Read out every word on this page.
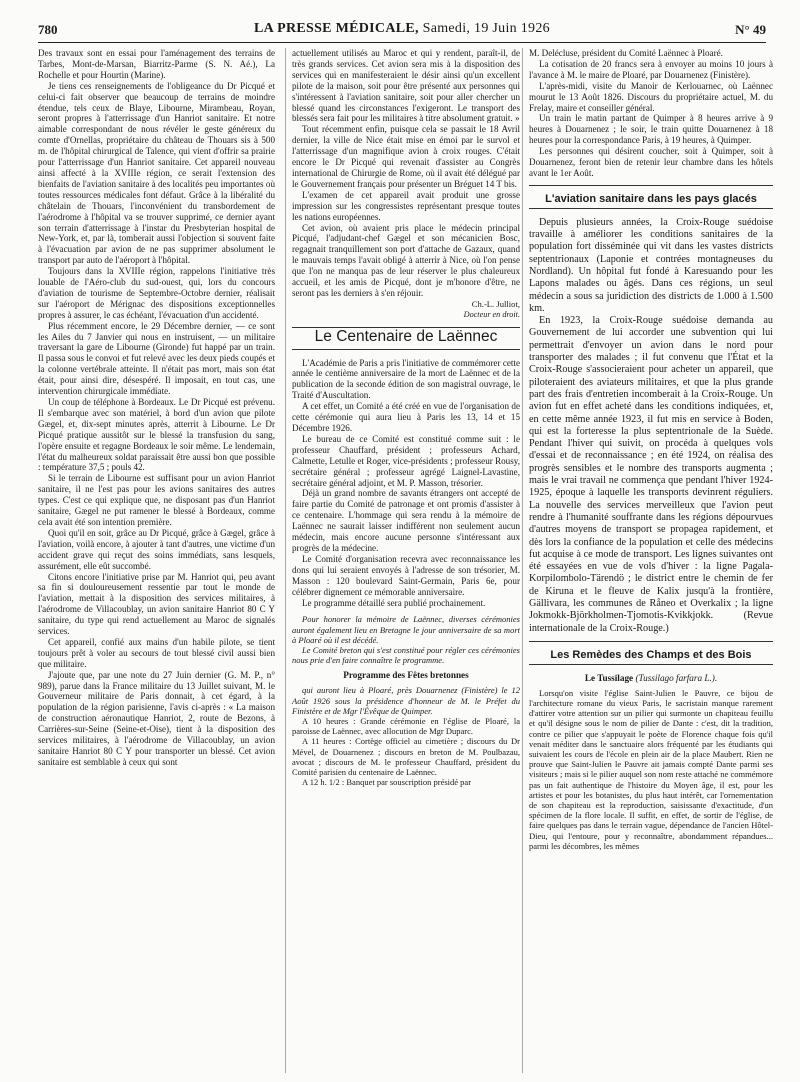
780	LA PRESSE MÉDICALE, Samedi, 19 Juin 1926	N° 49

Des travaux sont en essai pour l'aménagement des terrains de Tarbes, Mont-de-Marsan, Biarritz-Parme (S. N. Aé.), La Rochelle et pour Hourtin (Marine).

Je tiens ces renseignements de l'obligeance du Dr Picqué et celui-ci fait observer que beaucoup de terrains de moindre étendue, tels ceux de Blaye, Libourne, Mirambeau, Royan, seront propres à l'atterrissage d'un Hanriot sanitaire. Et notre aimable correspondant de nous révéler le geste généreux du comte d'Ornellas, propriétaire du château de Thouars sis à 500 m. de l'hôpital chirurgical de Talence, qui vient d'offrir sa prairie pour l'atterrissage d'un Hanriot sanitaire. Cet appareil nouveau ainsi affecté à la XVIIIe région, ce serait l'extension des bienfaits de l'aviation sanitaire à des localités peu importantes où toutes ressources médicales font défaut. Grâce à la libéralité du châtelain de Thouars, l'inconvénient du transbordement de l'aérodrome à l'hôpital va se trouver supprimé, ce dernier ayant son terrain d'atterrissage à l'instar du Presbyterian hospital de New-York, et, par là, tomberait aussi l'objection si souvent faite à l'évacuation par avion de ne pas supprimer absolument le transport par auto de l'aéroport à l'hôpital.

Toujours dans la XVIIIe région, rappelons l'initiative très louable de l'Aéro-club du sud-ouest, qui, lors du concours d'aviation de tourisme de Septembre-Octobre dernier, réalisait sur l'aéroport de Mérignac des dispositions exceptionnelles propres à assurer, le cas échéant, l'évacuation d'un accidenté.

Plus récemment encore, le 29 Décembre dernier, — ce sont les Ailes du 7 Janvier qui nous en instruisent, — un militaire traversant la gare de Libourne (Gironde) fut happé par un train. Il passa sous le convoi et fut relevé avec les deux pieds coupés et la colonne vertébrale atteinte. Il n'était pas mort, mais son état était, pour ainsi dire, désespéré. Il imposait, en tout cas, une intervention chirurgicale immédiate.

Un coup de téléphone à Bordeaux. Le Dr Picqué est prévenu. Il s'embarque avec son matériel, à bord d'un avion que pilote Gægel, et, dix-sept minutes après, atterrit à Libourne. Le Dr Picqué pratique aussitôt sur le blessé la transfusion du sang, l'opère ensuite et regagne Bordeaux le soir même. Le lendemain, l'état du malheureux soldat paraissait être aussi bon que possible : température 37,5 ; pouls 42.

Si le terrain de Libourne est suffisant pour un avion Hanriot sanitaire, il ne l'est pas pour les avions sanitaires des autres types. C'est ce qui explique que, ne disposant pas d'un Hanriot sanitaire, Gægel ne put ramener le blessé à Bordeaux, comme cela avait été son intention première.

Quoi qu'il en soit, grâce au Dr Picqué, grâce à Gægel, grâce à l'aviation, voilà encore, à ajouter à tant d'autres, une victime d'un accident grave qui reçut des soins immédiats, sans lesquels, assurément, elle eût succombé.

Citons encore l'initiative prise par M. Hanriot qui, peu avant sa fin si douloureusement ressentie par tout le monde de l'aviation, mettait à la disposition des services militaires, à l'aérodrome de Villacoublay, un avion sanitaire Hanriot 80 C Y sanitaire, du type qui rend actuellement au Maroc de signalés services.

Cet appareil, confié aux mains d'un habile pilote, se tient toujours prêt à voler au secours de tout blessé civil aussi bien que militaire.

J'ajoute que, par une note du 27 Juin dernier (G. M. P., n° 989), parue dans la France militaire du 13 Juillet suivant, M. le Gouverneur militaire de Paris donnait, à cet égard, à la population de la région parisienne, l'avis ci-après : « La maison de construction aéronautique Hanriot, 2, route de Bezons, à Carrières-sur-Seine (Seine-et-Oise), tient à la disposition des services militaires, à l'aérodrome de Villacoublay, un avion sanitaire Hanriot 80 C Y pour transporter un blessé. Cet avion sanitaire est semblable à ceux qui sont

actuellement utilisés au Maroc et qui y rendent, paraît-il, de très grands services. Cet avion sera mis à la disposition des services qui en manifesteraient le désir ainsi qu'un excellent pilote de la maison, soit pour être présenté aux personnes qui s'intéressent à l'aviation sanitaire, soit pour aller chercher un blessé quand les circonstances l'exigeront. Le transport des blessés sera fait pour les militaires à titre absolument gratuit. »

Tout récemment enfin, puisque cela se passait le 18 Avril dernier, la ville de Nice était mise en émoi par le survol et l'atterrissage d'un magnifique avion à croix rouges. C'était encore le Dr Picqué qui revenait d'assister au Congrès international de Chirurgie de Rome, où il avait été délégué par le Gouvernement français pour présenter un Bréguet 14 T bis.

L'examen de cet appareil avait produit une grosse impression sur les congressistes représentant presque toutes les nations européennes.

Cet avion, où avaient pris place le médecin principal Picqué, l'adjudant-chef Gægel et son mécanicien Bosc, regagnait tranquillement son port d'attache de Gazaux, quand le mauvais temps l'avait obligé à atterrir à Nice, où l'on pense que l'on ne manqua pas de leur réserver le plus chaleureux accueil, et les amis de Picqué, dont je m'honore d'être, ne seront pas les derniers à s'en réjouir.

Ch.-L. Julliot,

Docteur en droit.

Le Centenaire de Laënnec

L'Académie de Paris a pris l'initiative de commémorer cette année le centième anniversaire de la mort de Laënnec et de la publication de la seconde édition de son magistral ouvrage, le Traité d'Auscultation.

A cet effet, un Comité a été créé en vue de l'organisation de cette cérémonie qui aura lieu à Paris les 13, 14 et 15 Décembre 1926.

Le bureau de ce Comité est constitué comme suit : le professeur Chauffard, président ; professeurs Achard, Calmette, Letulle et Roger, vice-présidents ; professeur Rousy, secrétaire général ; professeur agrégé Laignel-Lavastine, secrétaire général adjoint, et M. P. Masson, trésorier.

Déjà un grand nombre de savants étrangers ont accepté de faire partie du Comité de patronage et ont promis d'assister à ce centenaire. L'hommage qui sera rendu à la mémoire de Laënnec ne saurait laisser indifférent non seulement aucun médecin, mais encore aucune personne s'intéressant aux progrès de la médecine.

Le Comité d'organisation recevra avec reconnaissance les dons qui lui seraient envoyés à l'adresse de son trésorier, M. Masson : 120 boulevard Saint-Germain, Paris 6e, pour célébrer dignement ce mémorable anniversaire.

Le programme détaillé sera publié prochainement.

Pour honorer la mémoire de Laënnec, diverses cérémonies auront également lieu en Bretagne le jour anniversaire de sa mort à Ploaré où il est décédé.

Le Comité breton qui s'est constitué pour régler ces cérémonies nous prie d'en faire connaître le programme.

Programme des Fêtes bretonnes

qui auront lieu à Ploaré, près Douarnenez (Finistère) le 12 Août 1926 sous la présidence d'honneur de M. le Préfet du Finistère et de Mgr l'Évêque de Quimper.

A 10 heures : Grande cérémonie en l'église de Ploaré, la paroisse de Laënnec, avec allocution de Mgr Duparc.

A 11 heures : Cortège officiel au cimetière ; discours du Dr Mével, de Douarnenez ; discours en breton de M. Poulbazau, avocat ; discours de M. le professeur Chauffard, président du Comité parisien du centenaire de Laënnec.

A 12 h. 1/2 : Banquet par souscription présidé par

M. Delécluse, président du Comité Laënnec à Ploaré.

La cotisation de 20 francs sera à envoyer au moins 10 jours à l'avance à M. le maire de Ploaré, par Douarnenez (Finistère).

L'après-midi, visite du Manoir de Kerlouarnec, où Laënnec mourut le 13 Août 1826. Discours du propriétaire actuel, M. du Frelay, maire et conseiller général.

Un train le matin partant de Quimper à 8 heures arrive à 9 heures à Douarnenez ; le soir, le train quitte Douarnenez à 18 heures pour la correspondance Paris, à 19 heures, à Quimper.

Les personnes qui désirent coucher, soit à Quimper, soit à Douarnenez, feront bien de retenir leur chambre dans les hôtels avant le 1er Août.

L'aviation sanitaire dans les pays glacés

Depuis plusieurs années, la Croix-Rouge suédoise travaille à améliorer les conditions sanitaires de la population fort disséminée qui vit dans les vastes districts septentrionaux (Laponie et contrées montagneuses du Nordland). Un hôpital fut fondé à Karesuando pour les Lapons malades ou âgés. Dans ces régions, un seul médecin a sous sa juridiction des districts de 1.000 à 1.500 km.

En 1923, la Croix-Rouge suédoise demanda au Gouvernement de lui accorder une subvention qui lui permettrait d'envoyer un avion dans le nord pour transporter des malades ; il fut convenu que l'État et la Croix-Rouge s'associeraient pour acheter un appareil, que piloteraient des aviateurs militaires, et que la plus grande part des frais d'entretien incomberait à la Croix-Rouge. Un avion fut en effet acheté dans les conditions indiquées, et, en cette même année 1923, il fut mis en service à Boden, qui est la forteresse la plus septentrionale de la Suède. Pendant l'hiver qui suivit, on procéda à quelques vols d'essai et de reconnaissance ; en été 1924, on réalisa des progrès sensibles et le nombre des transports augmenta ; mais le vrai travail ne commença que pendant l'hiver 1924-1925, époque à laquelle les transports devinrent réguliers. La nouvelle des services merveilleux que l'avion peut rendre à l'humanité souffrante dans les régions dépourvues d'autres moyens de transport se propagea rapidement, et dès lors la confiance de la population et celle des médecins fut acquise à ce mode de transport. Les lignes suivantes ont été essayées en vue de vols d'hiver : la ligne Pagala-Korpilombolo-Tärendö ; le district entre le chemin de fer de Kiruna et le fleuve de Kalix jusqu'à la frontière, Gällivara, les communes de Råneo et Overkalix ; la ligne Jokmokk-Björkholmen-Tjomotis-Kvikkjokk. (Revue internationale de la Croix-Rouge.)

Les Remèdes des Champs et des Bois
Le Tussilage (Tussilago farfara L.).

Lorsqu'on visite l'église Saint-Julien le Pauvre, ce bijou de l'architecture romane du vieux Paris, le sacristain manque rarement d'attirer votre attention sur un pilier qui surmonte un chapiteau feuillu et qu'il désigne sous le nom de pilier de Dante : c'est, dit la tradition, contre ce pilier que s'appuyait le poète de Florence chaque fois qu'il venait méditer dans le sanctuaire alors fréquenté par les étudiants qui suivaient les cours de l'école en plein air de la place Maubert. Rien ne prouve que Saint-Julien le Pauvre ait jamais compté Dante parmi ses visiteurs ; mais si le pilier auquel son nom reste attaché ne commémore pas un fait authentique de l'histoire du Moyen âge, il est, pour les artistes et pour les botanistes, du plus haut intérêt, car l'ornementation de son chapiteau est la reproduction, saisissante d'exactitude, d'un spécimen de la flore locale. Il suffit, en effet, de sortir de l'église, de faire quelques pas dans le terrain vague, dépendance de l'ancien Hôtel-Dieu, qui l'entoure, pour y reconnaître, abondamment répandues... parmi les décombres, les mêmes
